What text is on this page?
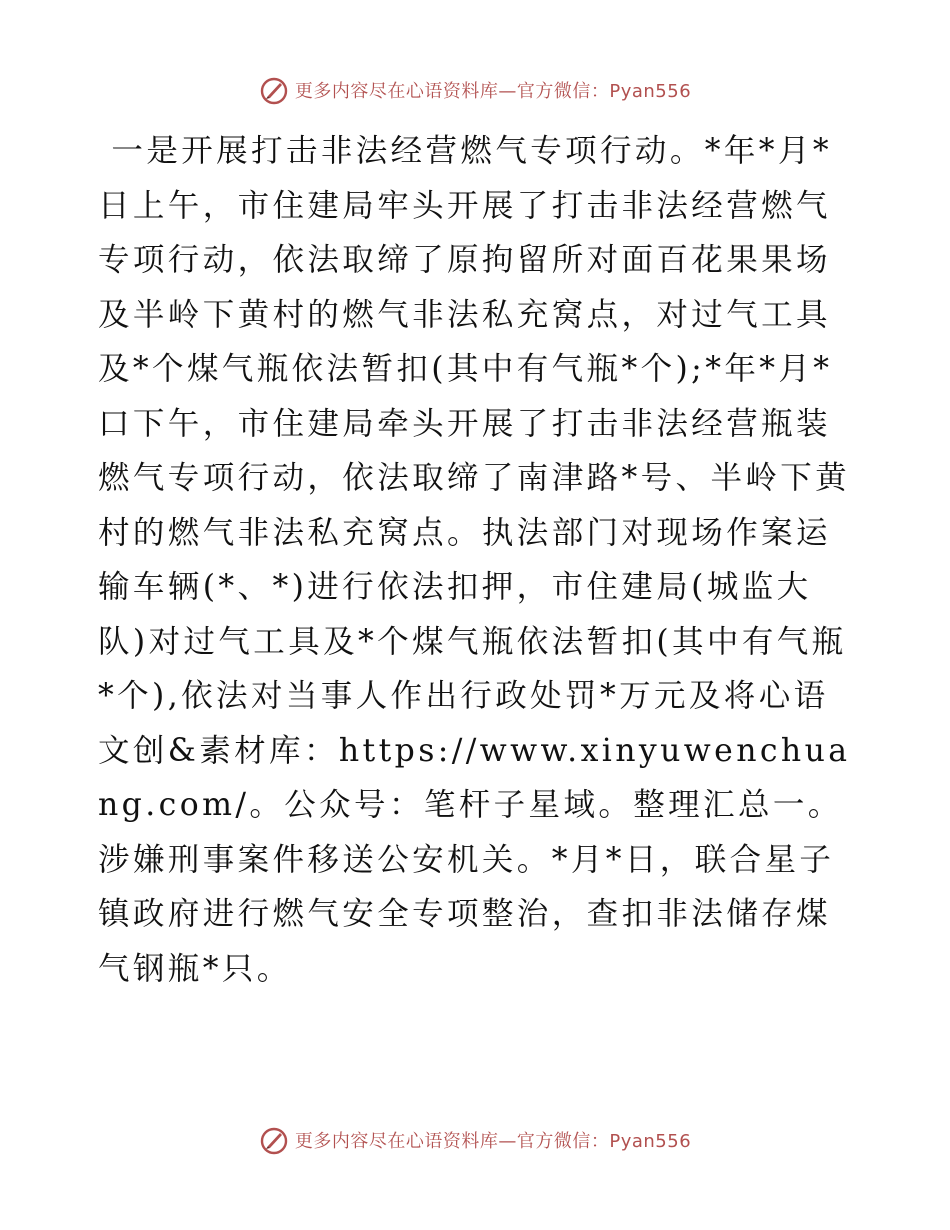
更多内容尽在心语资料库—官方微信：Pyan556

一是开展打击非法经营燃气专项行动。*年*月*日上午，市住建局牢头开展了打击非法经营燃气专项行动，依法取缔了原拘留所对面百花果果场及半岭下黄村的燃气非法私充窝点，对过气工具及*个煤气瓶依法暂扣(其中有气瓶*个);*年*月*口下午，市住建局牵头开展了打击非法经营瓶装燃气专项行动，依法取缔了南津路*号、半岭下黄村的燃气非法私充窝点。执法部门对现场作案运输车辆(*、*)进行依法扣押，市住建局(城监大队)对过气工具及*个煤气瓶依法暂扣(其中有气瓶*个),依法对当事人作出行政处罚*万元及将心语文创&素材库：https://www.xinyuwenchuang.com/。公众号：笔杆子星域。整理汇总一。涉嫌刑事案件移送公安机关。*月*日，联合星子镇政府进行燃气安全专项整治，查扣非法储存煤气钢瓶*只。

更多内容尽在心语资料库—官方微信：Pyan556
